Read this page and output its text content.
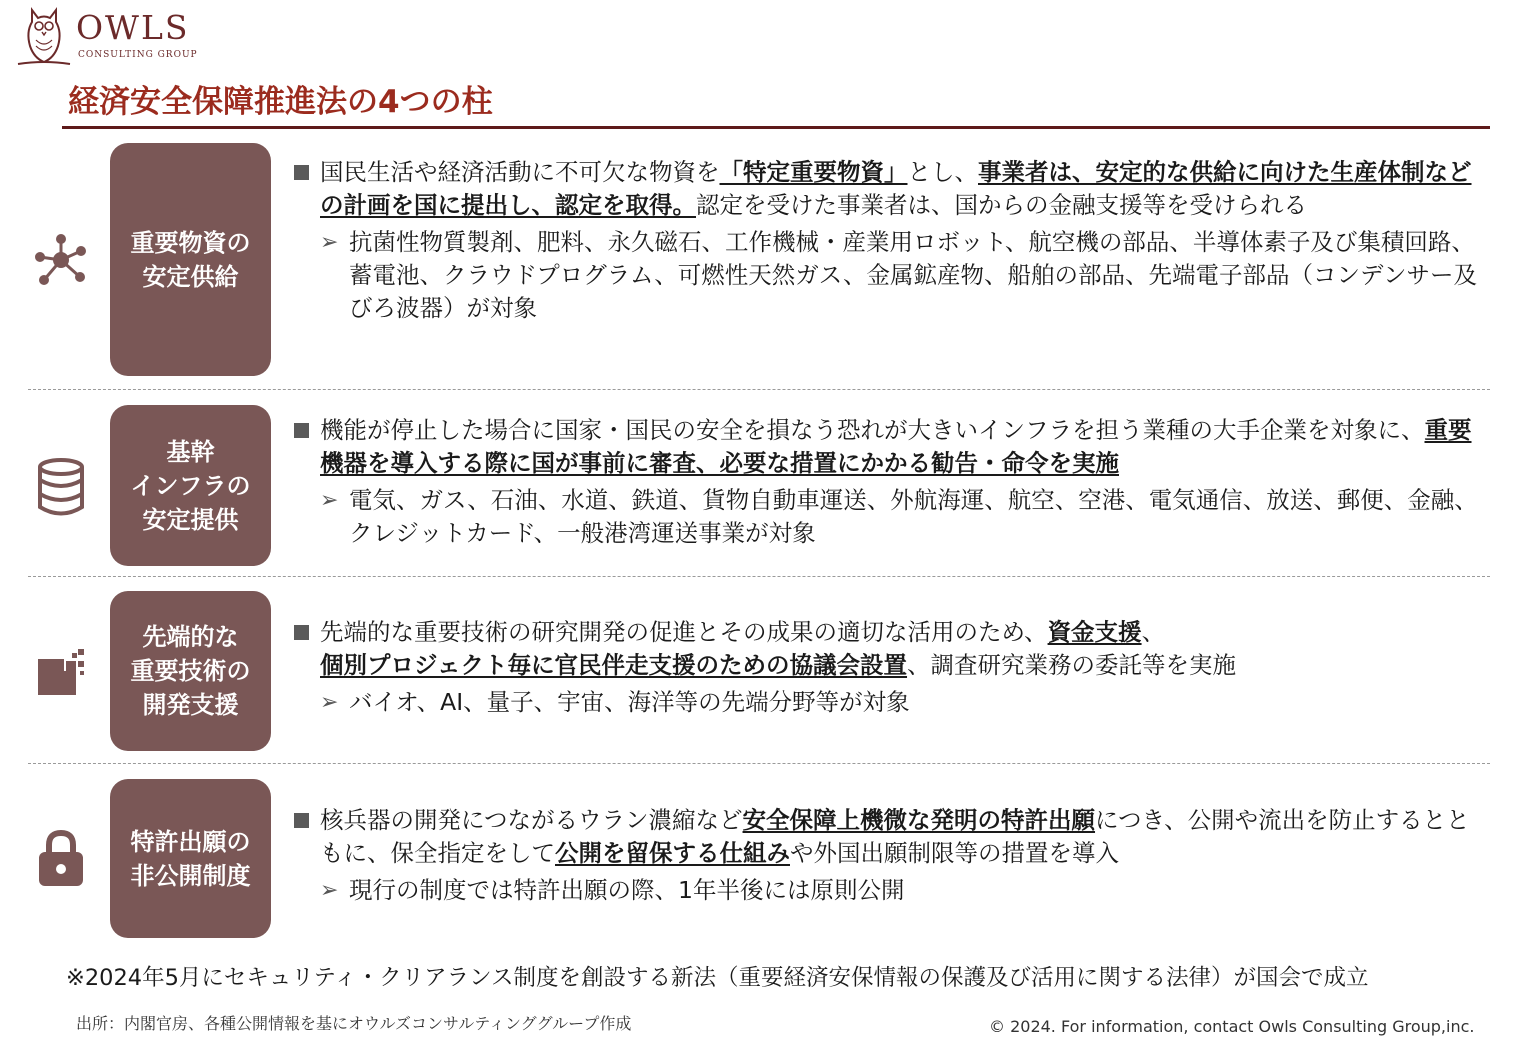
OWLS
CONSULTING GROUP
経済安全保障推進法の4つの柱
重要物資の
安定供給
国民生活や経済活動に不可欠な物資を「特定重要物資」とし、事業者は、安定的な供給に向けた生産体制などの計画を国に提出し、認定を取得。認定を受けた事業者は、国からの金融支援等を受けられる
➢ 抗菌性物質製剤、肥料、永久磁石、工作機械・産業用ロボット、航空機の部品、半導体素子及び集積回路、蓄電池、クラウドプログラム、可燃性天然ガス、金属鉱産物、船舶の部品、先端電子部品（コンデンサー及びろ波器）が対象
基幹
インフラの
安定提供
機能が停止した場合に国家・国民の安全を損なう恐れが大きいインフラを担う業種の大手企業を対象に、重要機器を導入する際に国が事前に審査、必要な措置にかかる勧告・命令を実施
➢ 電気、ガス、石油、水道、鉄道、貨物自動車運送、外航海運、航空、空港、電気通信、放送、郵便、金融、クレジットカード、一般港湾運送事業が対象
先端的な
重要技術の
開発支援
先端的な重要技術の研究開発の促進とその成果の適切な活用のため、資金支援、
個別プロジェクト毎に官民伴走支援のための協議会設置、調査研究業務の委託等を実施
➢ バイオ、AI、量子、宇宙、海洋等の先端分野等が対象
特許出願の
非公開制度
核兵器の開発につながるウラン濃縮など安全保障上機微な発明の特許出願につき、公開や流出を防止するとともに、保全指定をして公開を留保する仕組みや外国出願制限等の措置を導入
➢ 現行の制度では特許出願の際、1年半後には原則公開
※2024年5月にセキュリティ・クリアランス制度を創設する新法（重要経済安保情報の保護及び活用に関する法律）が国会で成立
出所：内閣官房、各種公開情報を基にオウルズコンサルティンググループ作成	© 2024. For information, contact Owls Consulting Group,inc.
